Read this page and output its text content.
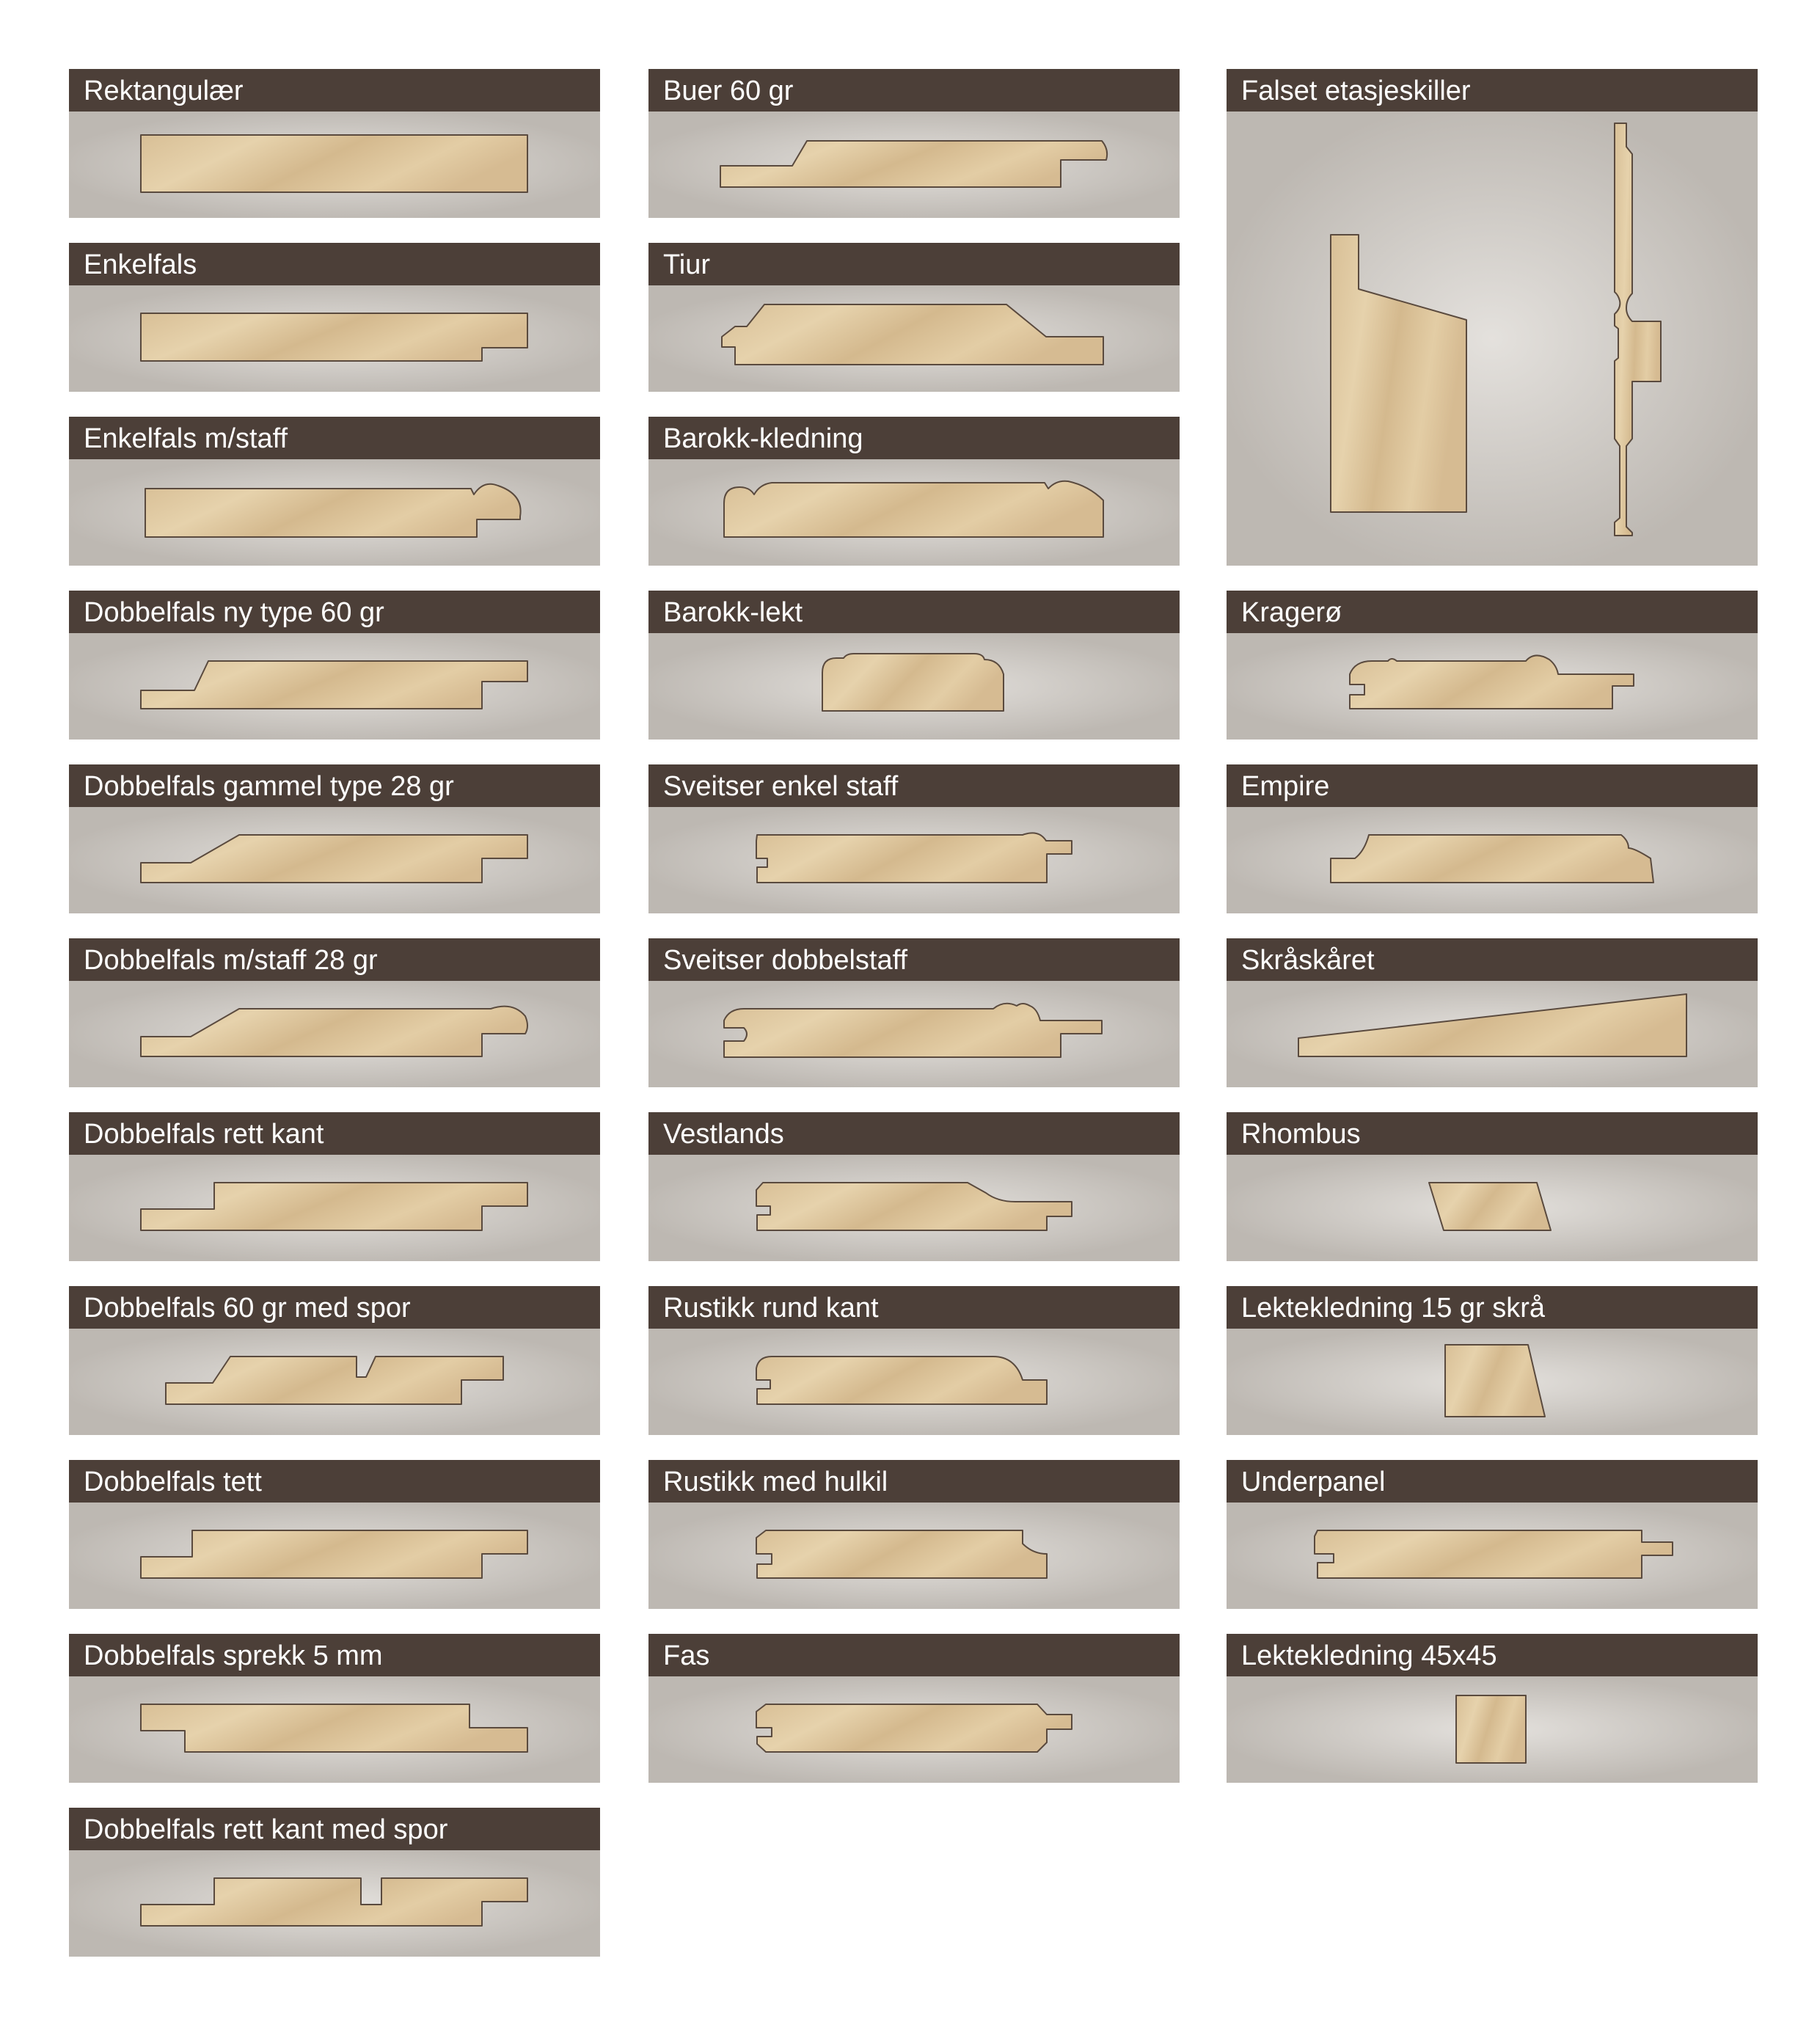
Rektangulær
Enkelfals
Enkelfals m/staff
Dobbelfals ny type 60 gr
Dobbelfals gammel type 28 gr
Dobbelfals m/staff 28 gr
Dobbelfals rett kant
Dobbelfals 60 gr med spor
Dobbelfals tett
Dobbelfals sprekk 5 mm
Dobbelfals rett kant med spor
Buer 60 gr
Tiur
Barokk-kledning
Barokk-lekt
Sveitser enkel staff
Sveitser dobbelstaff
Vestlands
Rustikk rund kant
Rustikk med hulkil
Fas
Falset etasjeskiller
Kragerø
Empire
Skråskåret
Rhombus
Lektekledning 15 gr skrå
Underpanel
Lektekledning 45x45
